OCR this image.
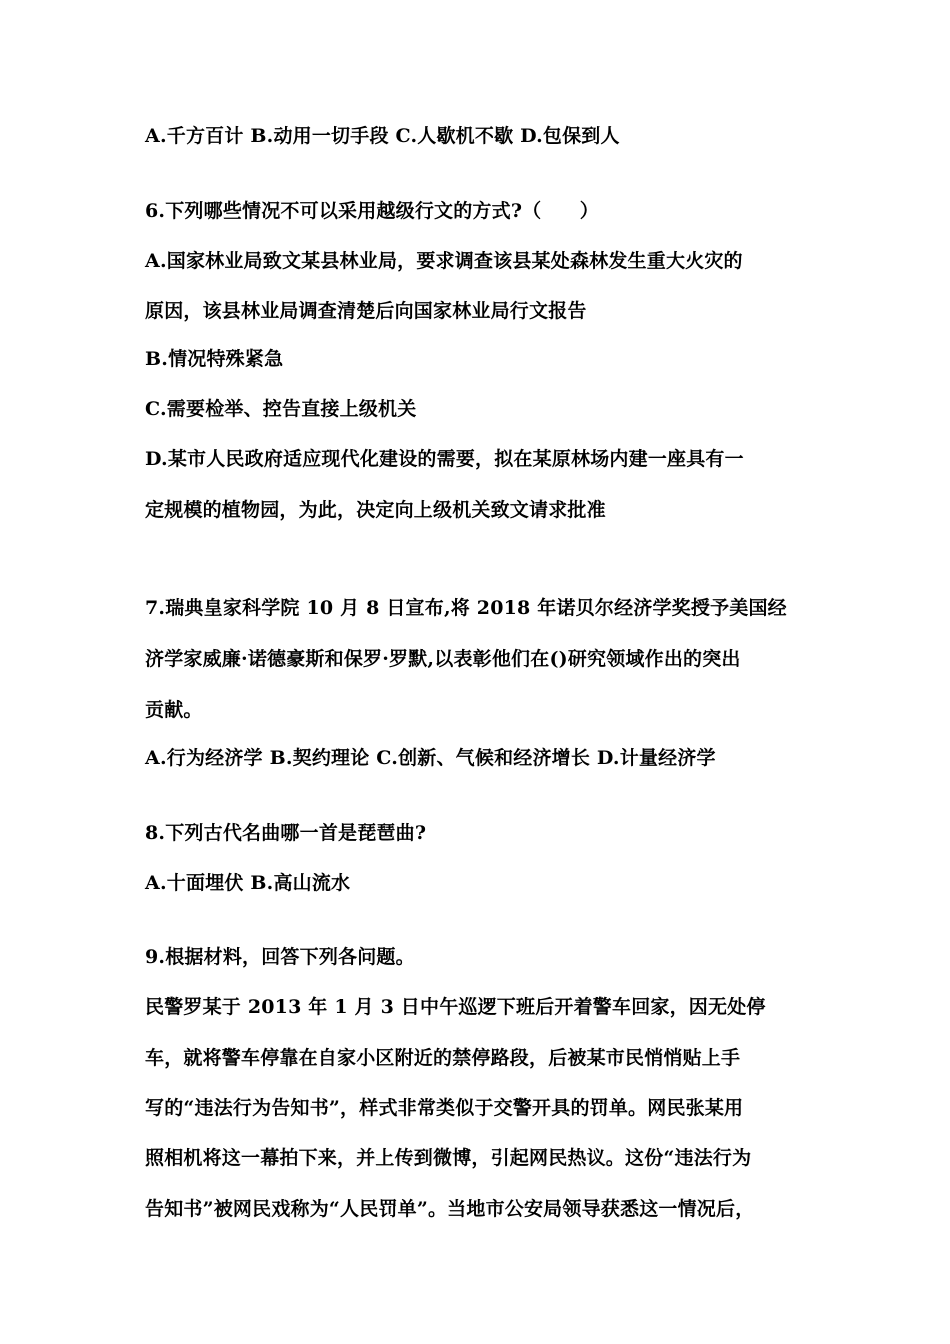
A.千方百计 B.动用一切手段 C.人歇机不歇 D.包保到人
6.下列哪些情况不可以采用越级行文的方式?（　　）
A.国家林业局致文某县林业局，要求调查该县某处森林发生重大火灾的
原因，该县林业局调查清楚后向国家林业局行文报告
B.情况特殊紧急
C.需要检举、控告直接上级机关
D.某市人民政府适应现代化建设的需要，拟在某原林场内建一座具有一
定规模的植物园，为此，决定向上级机关致文请求批准
7.瑞典皇家科学院 10 月 8 日宣布,将 2018 年诺贝尔经济学奖授予美国经
济学家威廉·诺德豪斯和保罗·罗默,以表彰他们在()研究领域作出的突出
贡献。
A.行为经济学 B.契约理论 C.创新、气候和经济增长 D.计量经济学
8.下列古代名曲哪一首是琵琶曲?
A.十面埋伏 B.高山流水
9.根据材料，回答下列各问题。
民警罗某于 2013 年 1 月 3 日中午巡逻下班后开着警车回家，因无处停
车，就将警车停靠在自家小区附近的禁停路段，后被某市民悄悄贴上手
写的“违法行为告知书”，样式非常类似于交警开具的罚单。网民张某用
照相机将这一幕拍下来，并上传到微博，引起网民热议。这份“违法行为
告知书”被网民戏称为“人民罚单”。当地市公安局领导获悉这一情况后，
